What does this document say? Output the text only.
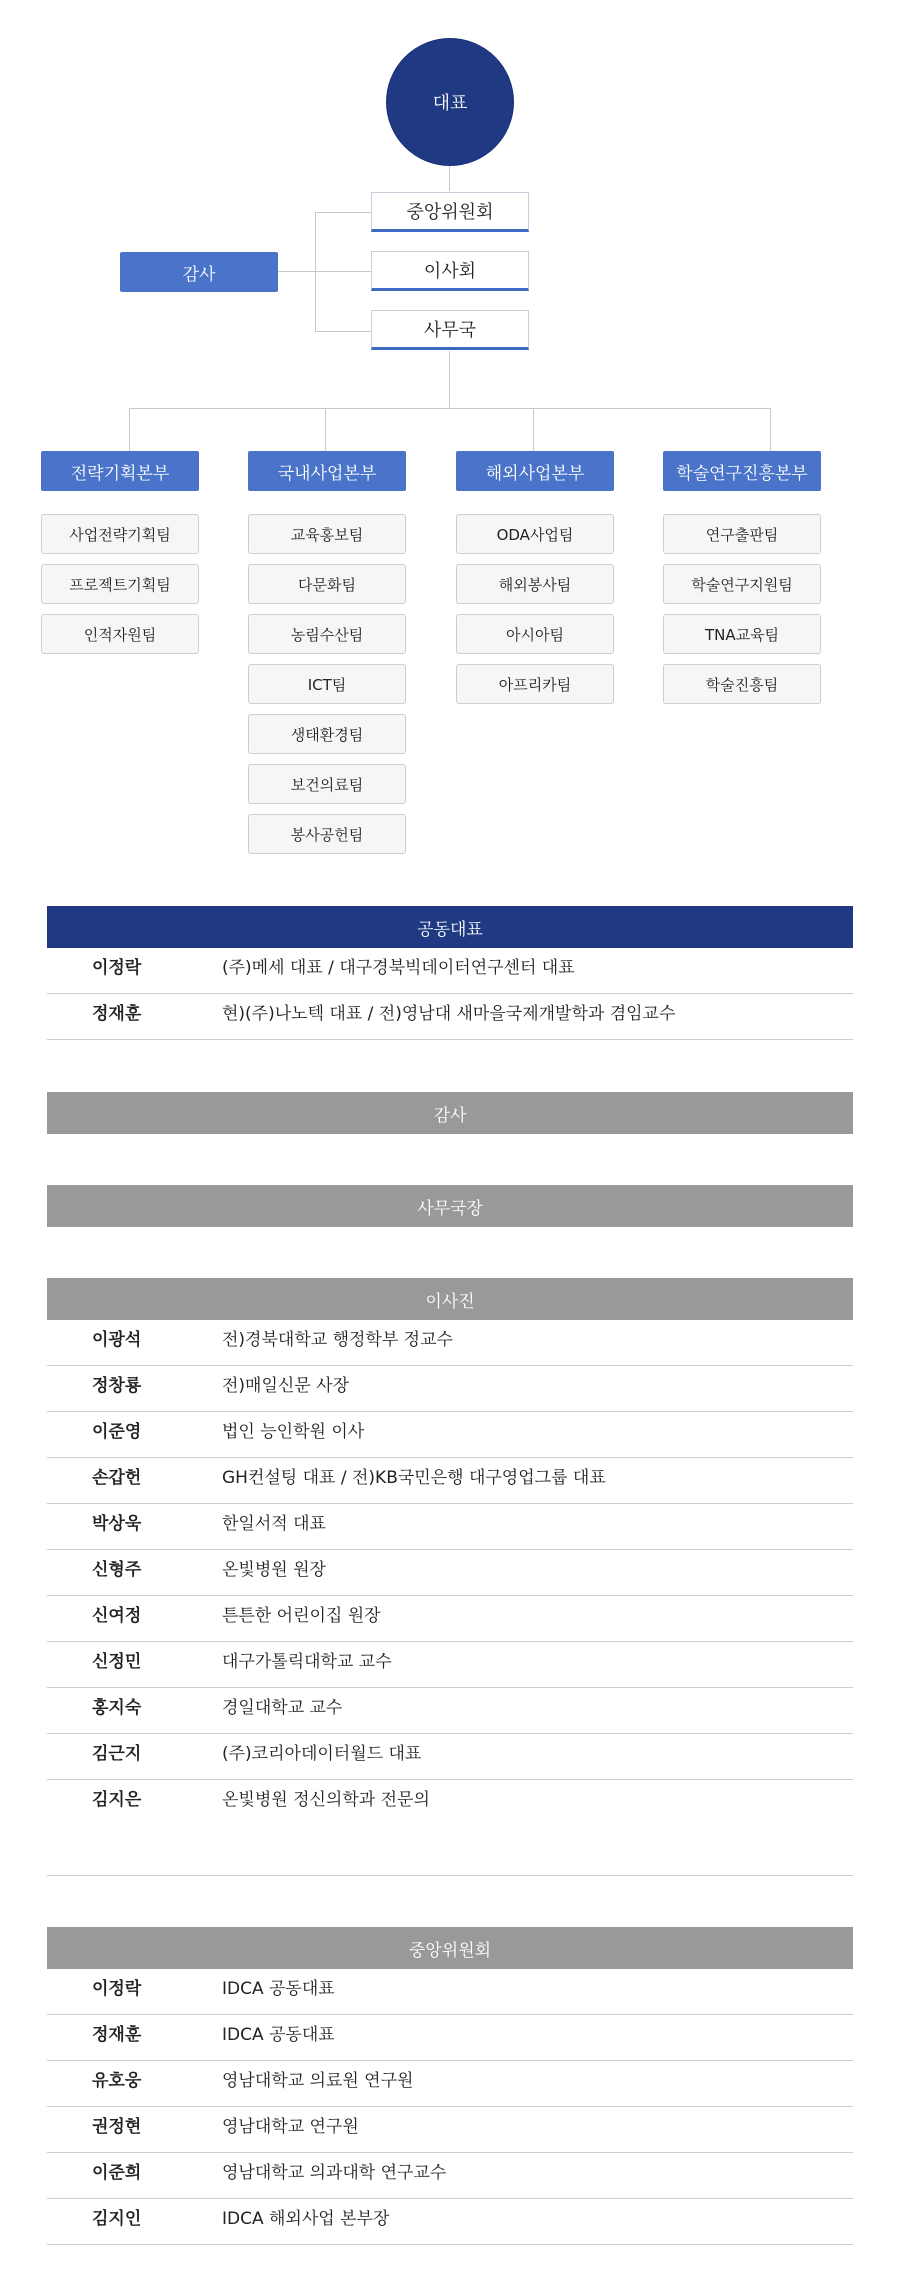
대표
중앙위원회
이사회
사무국
감사
전략기획본부	국내사업본부	해외사업본부	학술연구진흥본부
사업전략기획팀
프로젝트기획팀
인적자원팀
교육홍보팀
다문화팀
농림수산팀
ICT팀
생태환경팀
보건의료팀
봉사공헌팀
ODA사업팀
해외봉사팀
아시아팀
아프리카팀
연구출판팀
학술연구지원팀
TNA교육팀
학술진흥팀
공동대표
이정락	(주)메세 대표 / 대구경북빅데이터연구센터 대표
정재훈	현)(주)나노텍 대표 / 전)영남대 새마을국제개발학과 겸임교수
감사
사무국장
이사진
이광석	전)경북대학교 행정학부 정교수
정창룡	전)매일신문 사장
이준영	법인 능인학원 이사
손갑헌	GH컨설팅 대표 / 전)KB국민은행 대구영업그룹 대표
박상욱	한일서적 대표
신형주	온빛병원 원장
신여정	튼튼한 어린이집 원장
신정민	대구가톨릭대학교 교수
홍지숙	경일대학교 교수
김근지	(주)코리아데이터월드 대표
김지은	온빛병원 정신의학과 전문의
중앙위원회
이정락	IDCA 공동대표
정재훈	IDCA 공동대표
유호웅	영남대학교 의료원 연구원
권정현	영남대학교 연구원
이준희	영남대학교 의과대학 연구교수
김지인	IDCA 해외사업 본부장
